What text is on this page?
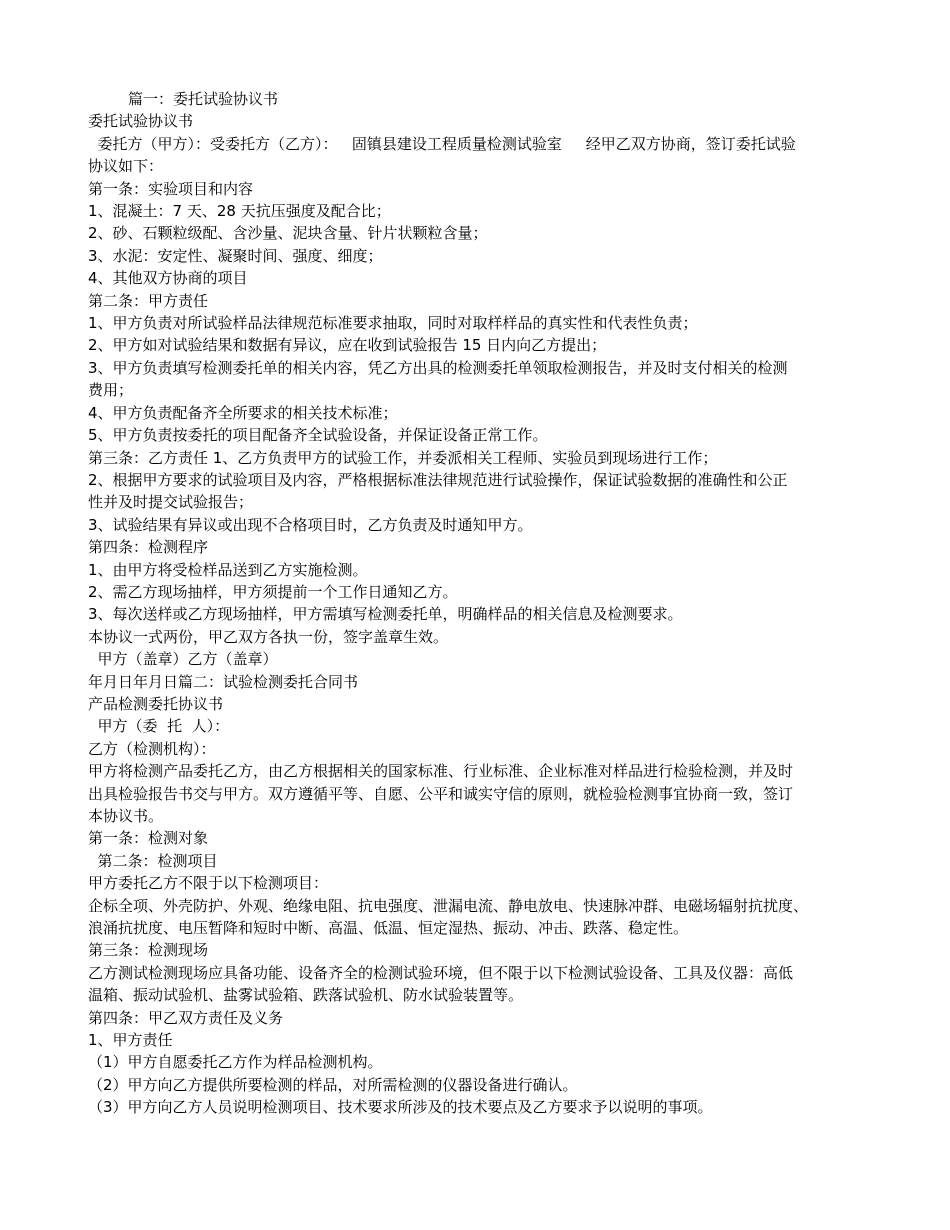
篇一：委托试验协议书

委托试验协议书

委托方（甲方）：受委托方（乙方）：   固镇县建设工程质量检测试验室     经甲乙双方协商，签订委托试验

协议如下：

第一条：实验项目和内容

1、混凝土：7 天、28 天抗压强度及配合比；

2、砂、石颗粒级配、含沙量、泥块含量、针片状颗粒含量；

3、水泥：安定性、凝聚时间、强度、细度；

4、其他双方协商的项目

第二条：甲方责任

1、甲方负责对所试验样品法律规范标准要求抽取，同时对取样样品的真实性和代表性负责；

2、甲方如对试验结果和数据有异议，应在收到试验报告 15 日内向乙方提出；

3、甲方负责填写检测委托单的相关内容，凭乙方出具的检测委托单领取检测报告，并及时支付相关的检测

费用；

4、甲方负责配备齐全所要求的相关技术标准；

5、甲方负责按委托的项目配备齐全试验设备，并保证设备正常工作。

第三条：乙方责任 1、乙方负责甲方的试验工作，并委派相关工程师、实验员到现场进行工作；

2、根据甲方要求的试验项目及内容，严格根据标准法律规范进行试验操作，保证试验数据的准确性和公正

性并及时提交试验报告；

3、试验结果有异议或出现不合格项目时，乙方负责及时通知甲方。

第四条：检测程序

1、由甲方将受检样品送到乙方实施检测。

2、需乙方现场抽样，甲方须提前一个工作日通知乙方。

3、每次送样或乙方现场抽样，甲方需填写检测委托单，明确样品的相关信息及检测要求。

本协议一式两份，甲乙双方各执一份，签字盖章生效。

甲方（盖章）乙方（盖章）

年月日年月日篇二：试验检测委托合同书

产品检测委托协议书

甲方（委  托  人）：

乙方（检测机构）：

甲方将检测产品委托乙方，由乙方根据相关的国家标准、行业标准、企业标准对样品进行检验检测，并及时

出具检验报告书交与甲方。双方遵循平等、自愿、公平和诚实守信的原则，就检验检测事宜协商一致，签订

本协议书。

第一条：检测对象

第二条：检测项目

甲方委托乙方不限于以下检测项目：

企标全项、外壳防护、外观、绝缘电阻、抗电强度、泄漏电流、静电放电、快速脉冲群、电磁场辐射抗扰度、

浪涌抗扰度、电压暂降和短时中断、高温、低温、恒定湿热、振动、冲击、跌落、稳定性。

第三条：检测现场

乙方测试检测现场应具备功能、设备齐全的检测试验环境，但不限于以下检测试验设备、工具及仪器：高低

温箱、振动试验机、盐雾试验箱、跌落试验机、防水试验装置等。

第四条：甲乙双方责任及义务

1、甲方责任

（1）甲方自愿委托乙方作为样品检测机构。

（2）甲方向乙方提供所要检测的样品，对所需检测的仪器设备进行确认。

（3）甲方向乙方人员说明检测项目、技术要求所涉及的技术要点及乙方要求予以说明的事项。
